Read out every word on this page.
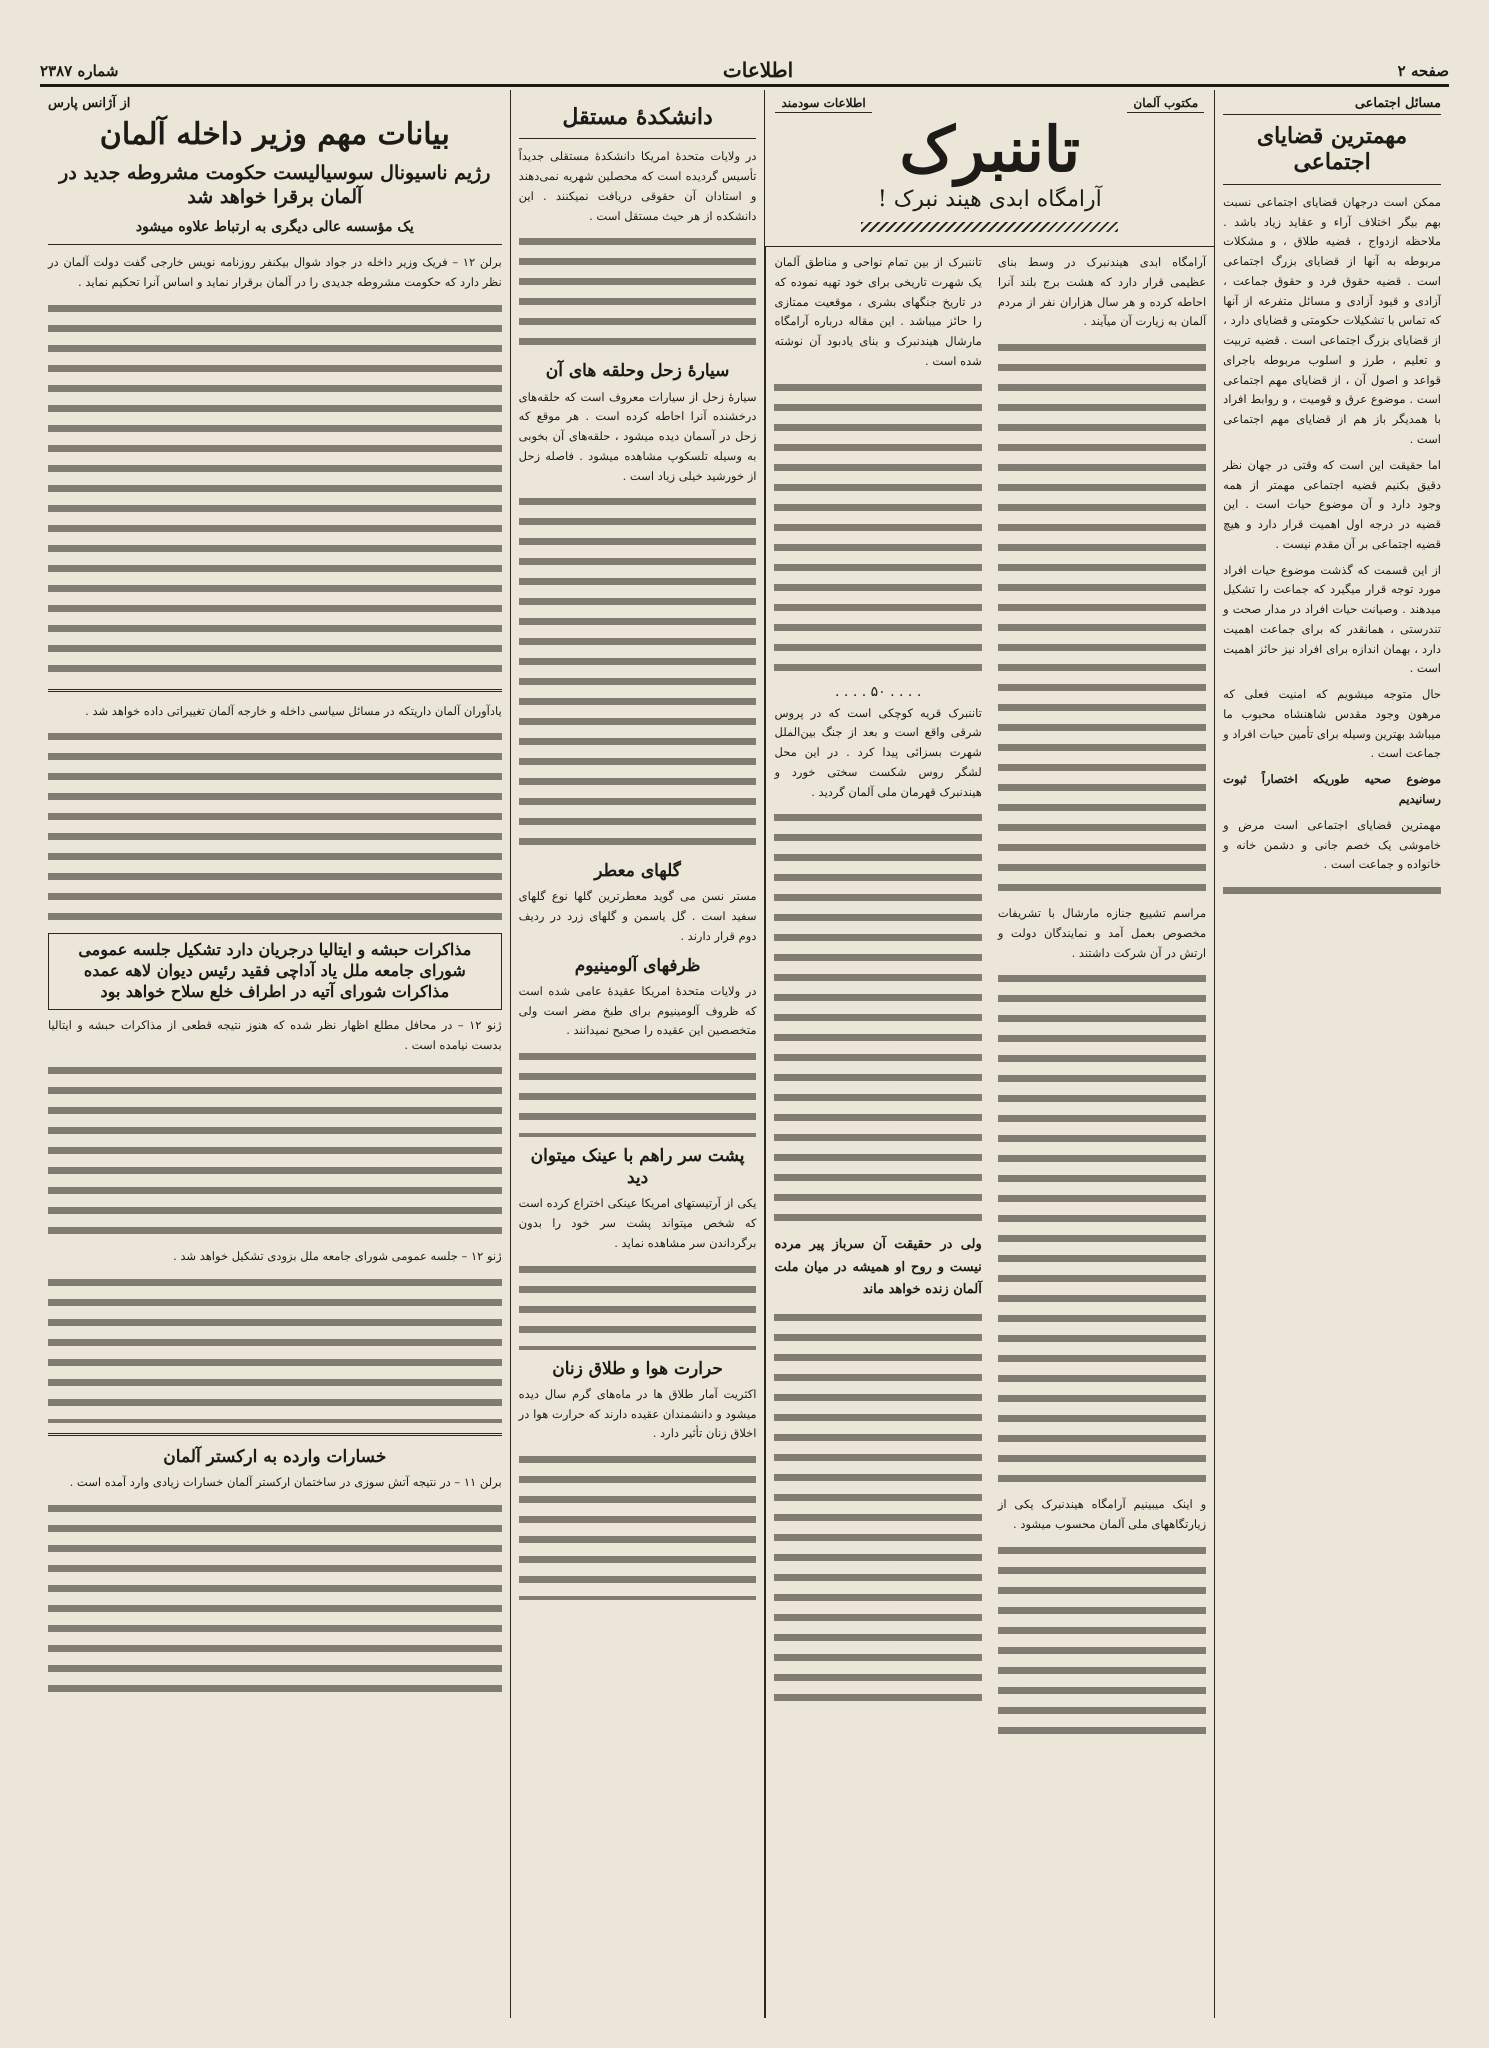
صفحه ۲
اطلاعات
شماره ۲۳۸۷
مسائل اجتماعی
مهمترین قضایای اجتماعی

ممکن است درجهان قضایای اجتماعی نسبت بهم بیگر اختلاف آراء و عقاید زیاد باشد . ملاحظه ازدواج ، قضیه طلاق ، و مشکلات مربوطه به آنها از قضایای بزرگ اجتماعی است . قضیه حقوق فرد و حقوق جماعت ، آزادی و قیود آزادی و مسائل متفرعه از آنها که تماس با تشکیلات حکومتی و قضایای دارد ، از قضایای بزرگ اجتماعی است . قضیه تربیت و تعلیم ، طرز و اسلوب مربوطه باجرای قواعد و اصول آن ، از قضایای مهم اجتماعی است . موضوع عرق و قومیت ، و روابط افراد با همدیگر باز هم از قضایای مهم اجتماعی است .

اما حقیقت این است که وقتی در جهان نظر دقیق بکنیم قضیه اجتماعی مهمتر از همه وجود دارد و آن موضوع حیات است . این قضیه در درجه اول اهمیت قرار دارد و هیچ قضیه اجتماعی بر آن مقدم نیست .

از این قسمت که گذشت موضوع حیات افراد مورد توجه قرار میگیرد که جماعت را تشکیل میدهند . وصیانت حیات افراد در مدار صحت و تندرستی ، همانقدر که برای جماعت اهمیت دارد ، بهمان اندازه برای افراد نیز حائز اهمیت است .

حال متوجه میشویم که امنیت فعلی که مرهون وجود مقدس شاهنشاه محبوب ما میباشد بهترین وسیله برای تأمین حیات افراد و جماعت است .

موضوع صحیه طوریکه اختصاراً ثبوت رسانیدیم

مهمترین قضایای اجتماعی است مرض و خاموشی یک خصم جانی و دشمن خانه و خانواده و جماعت است .

مکتوب آلمان
اطلاعات سودمند
تاننبرک
آرامگاه ابدی هیند نبرک !

تاننبرک از بین تمام نواحی و مناطق آلمان یک شهرت تاریخی برای خود تهیه نموده که در تاریخ جنگهای بشری ، موقعیت ممتازی را حائز میباشد . این مقاله درباره آرامگاه مارشال هیندنبرک و بنای یادبود آن نوشته شده است .

. . . . ۵۰ . . . .

تاننبرک قریه کوچکی است که در پروس شرقی واقع است و بعد از جنگ بین‌الملل شهرت بسزائی پیدا کرد . در این محل لشگر روس شکست سختی خورد و هیندنبرک قهرمان ملی آلمان گردید .

ولی در حقیقت آن سرباز پیر مرده نیست و روح او همیشه در میان ملت آلمان زنده خواهد ماند

آرامگاه ابدی هیندنبرک در وسط بنای عظیمی قرار دارد که هشت برج بلند آنرا احاطه کرده و هر سال هزاران نفر از مردم آلمان به زیارت آن میآیند .

مراسم تشییع جنازه مارشال با تشریفات مخصوص بعمل آمد و نمایندگان دولت و ارتش در آن شرکت داشتند .

و اینک میبینیم آرامگاه هیندنبرک یکی از زیارتگاههای ملی آلمان محسوب میشود .

دانشکدهٔ مستقل

در ولایات متحدهٔ امریکا دانشکدهٔ مستقلی جدیداً تأسیس گردیده است که محصلین شهریه نمی‌دهند و استادان آن حقوقی دریافت نمیکنند . این دانشکده از هر حیث مستقل است .

سیارهٔ زحل وحلقه های آن

سیارهٔ زحل از سیارات معروف است که حلقه‌های درخشنده آنرا احاطه کرده است . هر موقع که زحل در آسمان دیده میشود ، حلقه‌های آن بخوبی به وسیله تلسکوپ مشاهده میشود . فاصله زحل از خورشید خیلی زیاد است .

گلهای معطر

مستر نسن می گوید معطرترین گلها نوع گلهای سفید است . گل یاسمن و گلهای زرد در ردیف دوم قرار دارند .

ظرفهای آلومینیوم

در ولایات متحدهٔ امریکا عقیدهٔ عامی شده است که ظروف آلومینیوم برای طبخ مضر است ولی متخصصین این عقیده را صحیح نمیدانند .

پشت سر راهم با عینک میتوان دید

یکی از آرتیستهای امریکا عینکی اختراع کرده است که شخص میتواند پشت سر خود را بدون برگرداندن سر مشاهده نماید .

حرارت هوا و طلاق زنان

اکثریت آمار طلاق ها در ماه‌های گرم سال دیده میشود و دانشمندان عقیده دارند که حرارت هوا در اخلاق زنان تأثیر دارد .

از آژانس پارس
بیانات مهم وزیر داخله آلمان
رژیم ناسیونال سوسیالیست حکومت مشروطه جدید در آلمان برقرا خواهد شد
یک مؤسسه عالی دیگری به ارتباط علاوه میشود

برلن ۱۲ – فریک وزیر داخله در جواد شوال بیکنفر روزنامه نویس خارجی گفت دولت آلمان در نظر دارد که حکومت مشروطه جدیدی را در آلمان برقرار نماید و اساس آنرا تحکیم نماید .

یادآوران آلمان داریتکه در مسائل سیاسی داخله و خارجه آلمان تغییراتی داده خواهد شد .

مذاکرات حبشه و ایتالیا درجریان دارد تشکیل جلسه عمومی شورای جامعه ملل یاد آداچی فقید رئیس دیوان لاهه عمده مذاکرات شورای آتیه در اطراف خلع سلاح خواهد بود

ژنو ۱۲ – در محافل مطلع اظهار نظر شده که هنوز نتیجه قطعی از مذاکرات حبشه و ایتالیا بدست نیامده است .

ژنو ۱۲ – جلسه عمومی شورای جامعه ملل بزودی تشکیل خواهد شد .

خسارات وارده به ارکستر آلمان

برلن ۱۱ – در نتیجه آتش سوزی در ساختمان ارکستر آلمان خسارات زیادی وارد آمده است .
